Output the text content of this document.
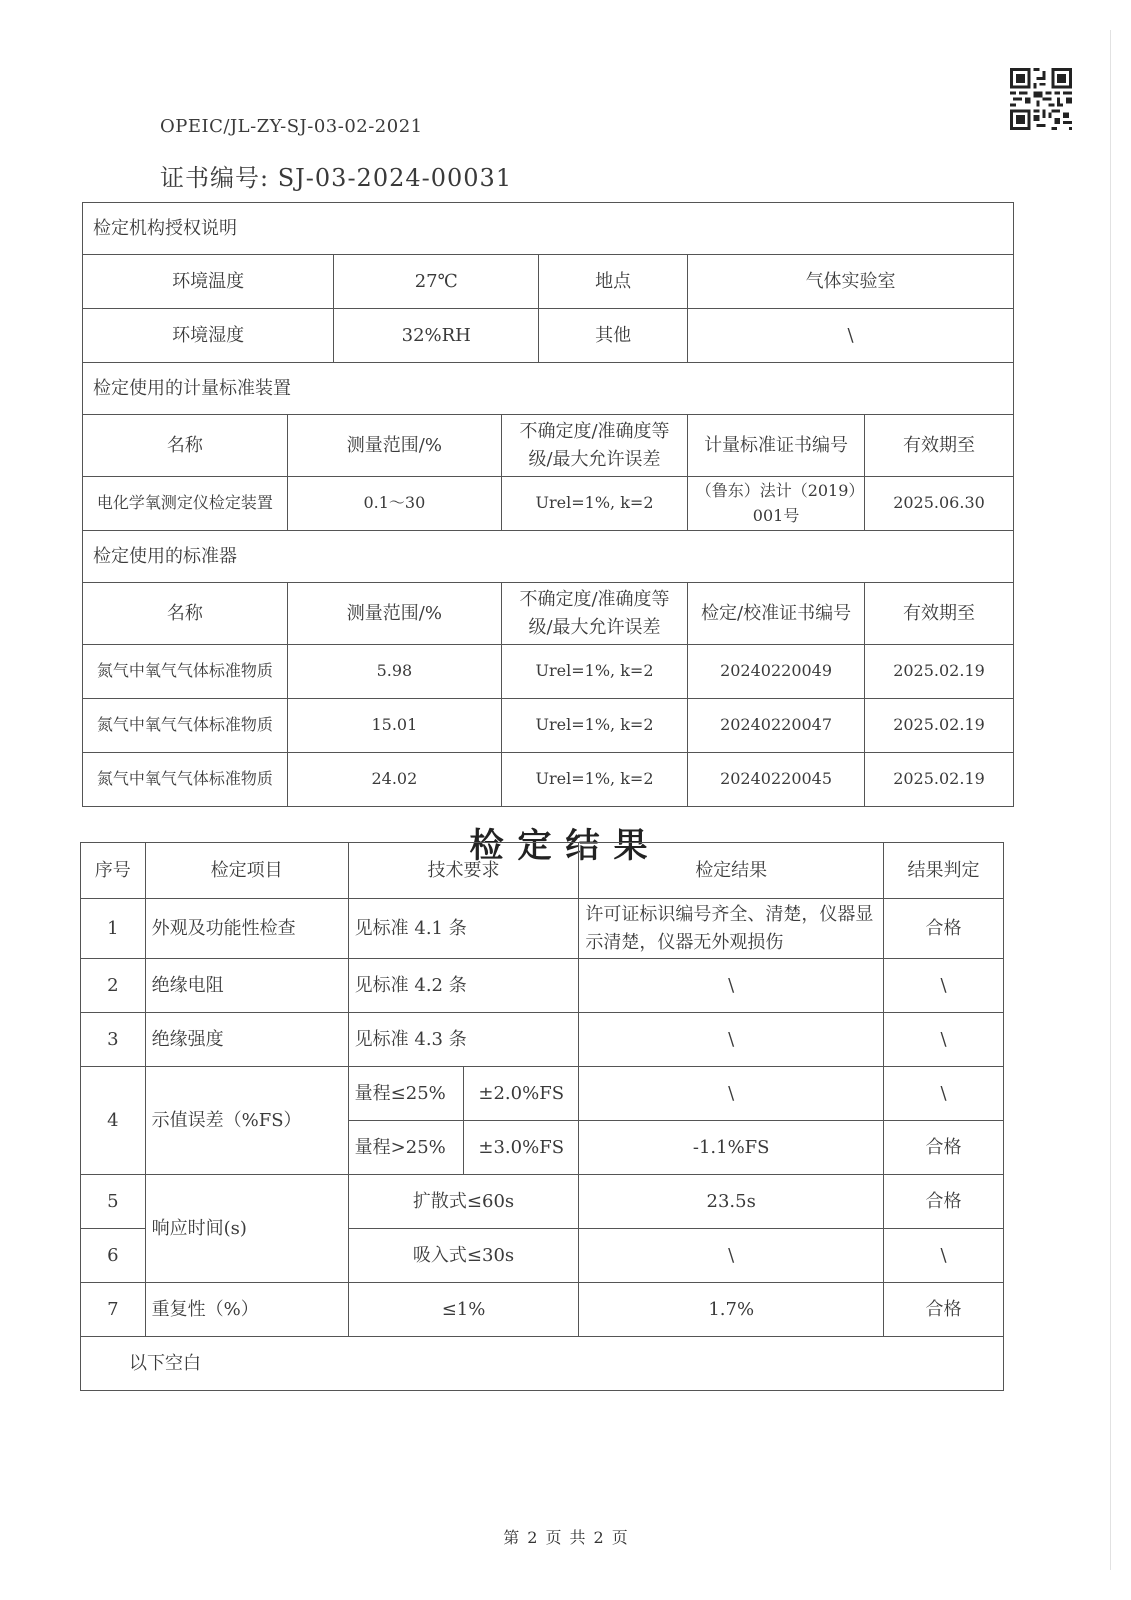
OPEIC/JL-ZY-SJ-03-02-2021
证书编号: SJ-03-2024-00031
检定机构授权说明						
环境温度		27℃		地点	气体实验室	
环境湿度		32%RH		其他	\	
检定使用的计量标准装置						
名称	测量范围/%		不确定度/准确度等级/最大允许误差		计量标准证书编号	有效期至
电化学氧测定仪检定装置	0.1～30		Urel=1%, k=2		（鲁东）法计（2019）001号	2025.06.30
检定使用的标准器						
名称	测量范围/%		不确定度/准确度等级/最大允许误差		检定/校准证书编号	有效期至
氮气中氧气气体标准物质	5.98		Urel=1%, k=2		20240220049	2025.02.19
氮气中氧气气体标准物质	15.01		Urel=1%, k=2		20240220047	2025.02.19
氮气中氧气气体标准物质	24.02		Urel=1%, k=2		20240220045	2025.02.19
检定结果
序号	检定项目	技术要求		检定结果	结果判定
1	外观及功能性检查	见标准 4.1 条		许可证标识编号齐全、清楚，仪器显示清楚，仪器无外观损伤	合格
2	绝缘电阻	见标准 4.2 条		\	\
3	绝缘强度	见标准 4.3 条		\	\
4	示值误差（%FS）	量程≤25%	±2.0%FS	\	\
		量程>25%	±3.0%FS	-1.1%FS	合格
5	响应时间(s)	扩散式≤60s		23.5s	合格
6		吸入式≤30s		\	\
7	重复性（%）	≤1%		1.7%	合格
以下空白					
第 2 页 共 2 页
